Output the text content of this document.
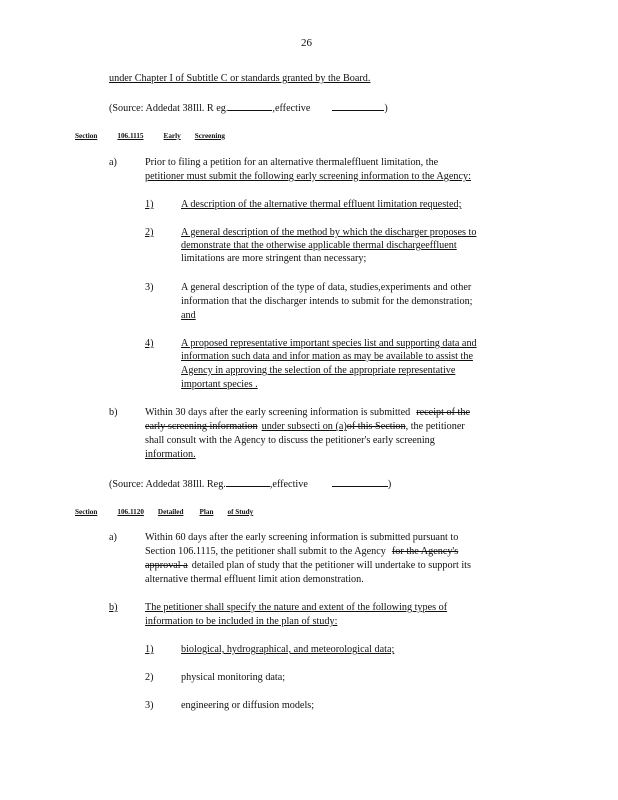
26
under Chapter I of Subtitle C or standards granted by the Board.
(Source: Addedat 38Ill. R eg.	,effective	)
Section	106.1115	Early Screening
a)	Prior to filing a petition for an alternative thermaleffluent limitation, the
petitioner must submit the following early screening information to the Agency:
1)	A description of the alternative thermal effluent limitation requested;
2)	A general description of the method by which the discharger proposes to
demonstrate that the otherwise applicable thermal dischargeeffluent
limitations are more stringent than necessary;
3)	A general description of the type of data, studies,experiments and other
information that the discharger intends to submit for the demonstration;
and
4)	A proposed representative important species list and supporting data and
information such data and infor mation as may be available to assist the
Agency in approving the selection of the appropriate representative
important species .
b)	Within 30 days after the early screening information is submitted receipt of the
early screening information under subsecti on (a)of this Section, the petitioner
shall consult with the Agency to discuss the petitioner's early screening
information.
(Source: Addedat 38Ill. Reg.	,effective	)
Section	106.1120 Detailed Plan of Study
a)	Within 60 days after the early screening information is submitted pursuant to
Section 106.1115, the petitioner shall submit to the Agency for the Agency's
approval a detailed plan of study that the petitioner will undertake to support its
alternative thermal effluent limit ation demonstration.
b)	The petitioner shall specify the nature and extent of the following types of
information to be included in the plan of study:
1)	biological, hydrographical, and meteorological data;
2)	physical monitoring data;
3)	engineering or diffusion models;
